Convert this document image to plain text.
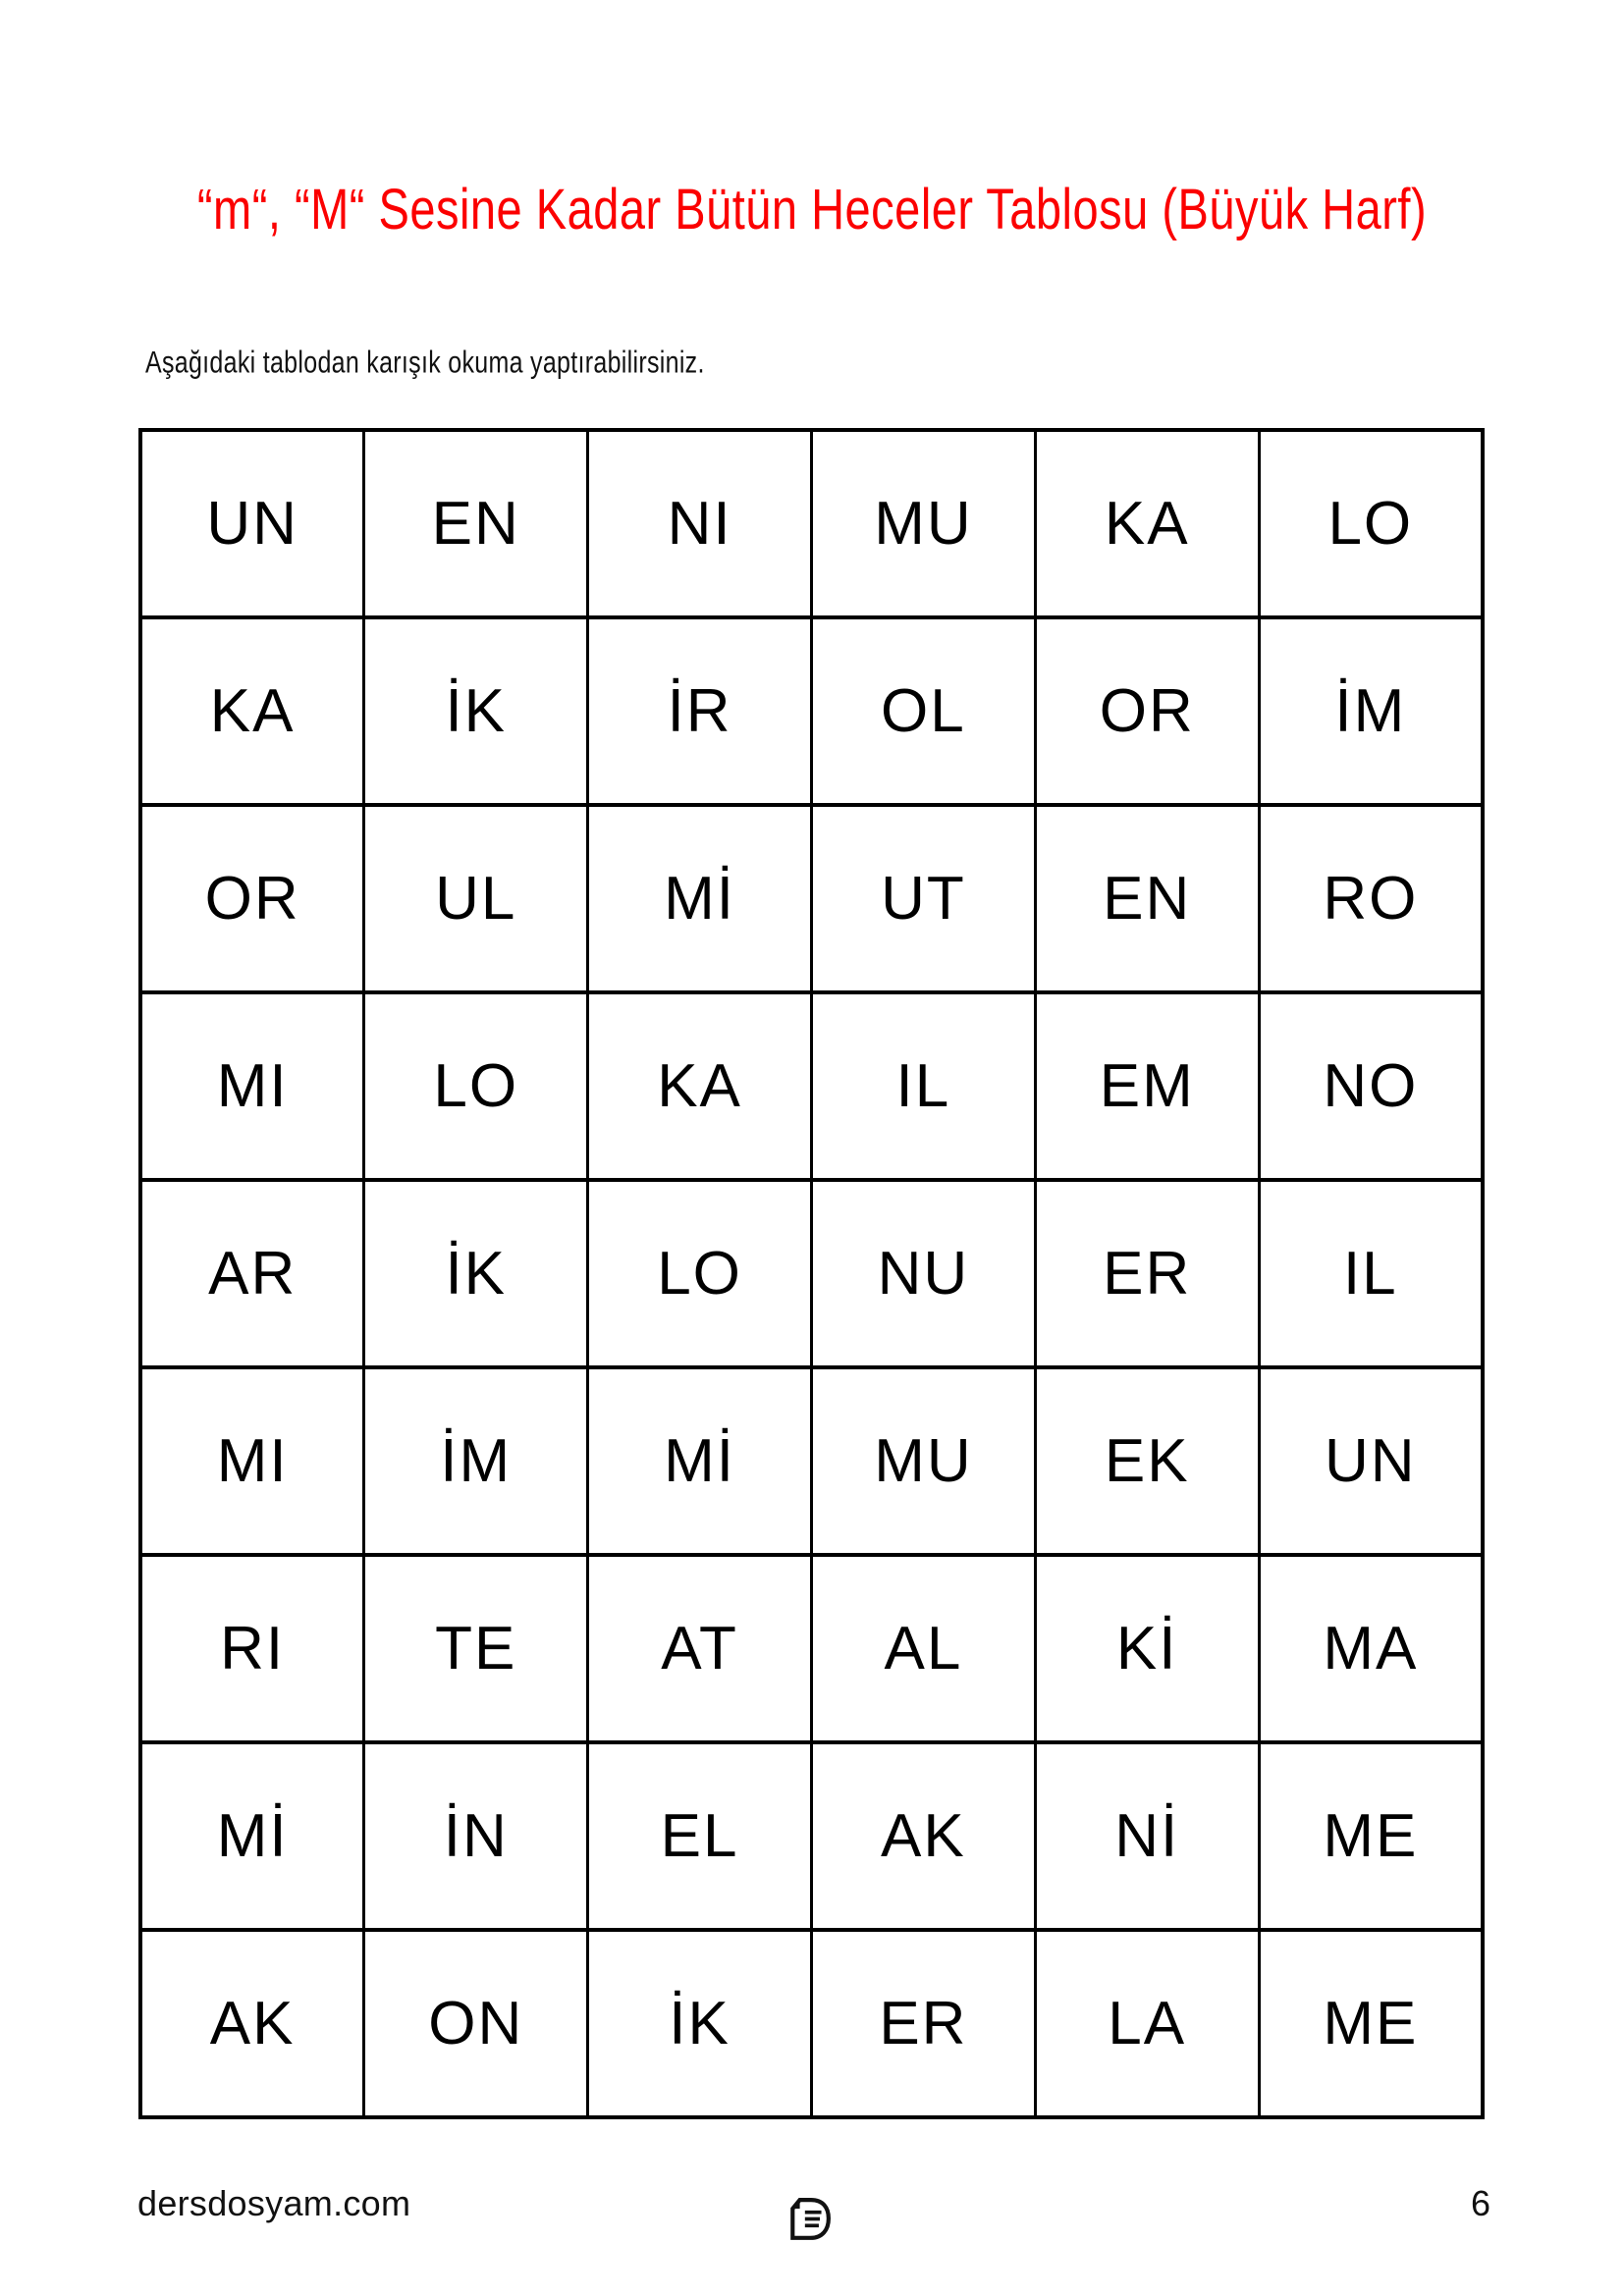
“m“, “M“ Sesine Kadar Bütün Heceler Tablosu (Büyük Harf)

Aşağıdaki tablodan karışık okuma yaptırabilirsiniz.

UN	EN	NI	MU	KA	LO
KA	İK	İR	OL	OR	İM
OR	UL	Mİ	UT	EN	RO
MI	LO	KA	IL	EM	NO
AR	İK	LO	NU	ER	IL
MI	İM	Mİ	MU	EK	UN
RI	TE	AT	AL	Kİ	MA
Mİ	İN	EL	AK	Nİ	ME
AK	ON	İK	ER	LA	ME
dersdosyam.com	6
